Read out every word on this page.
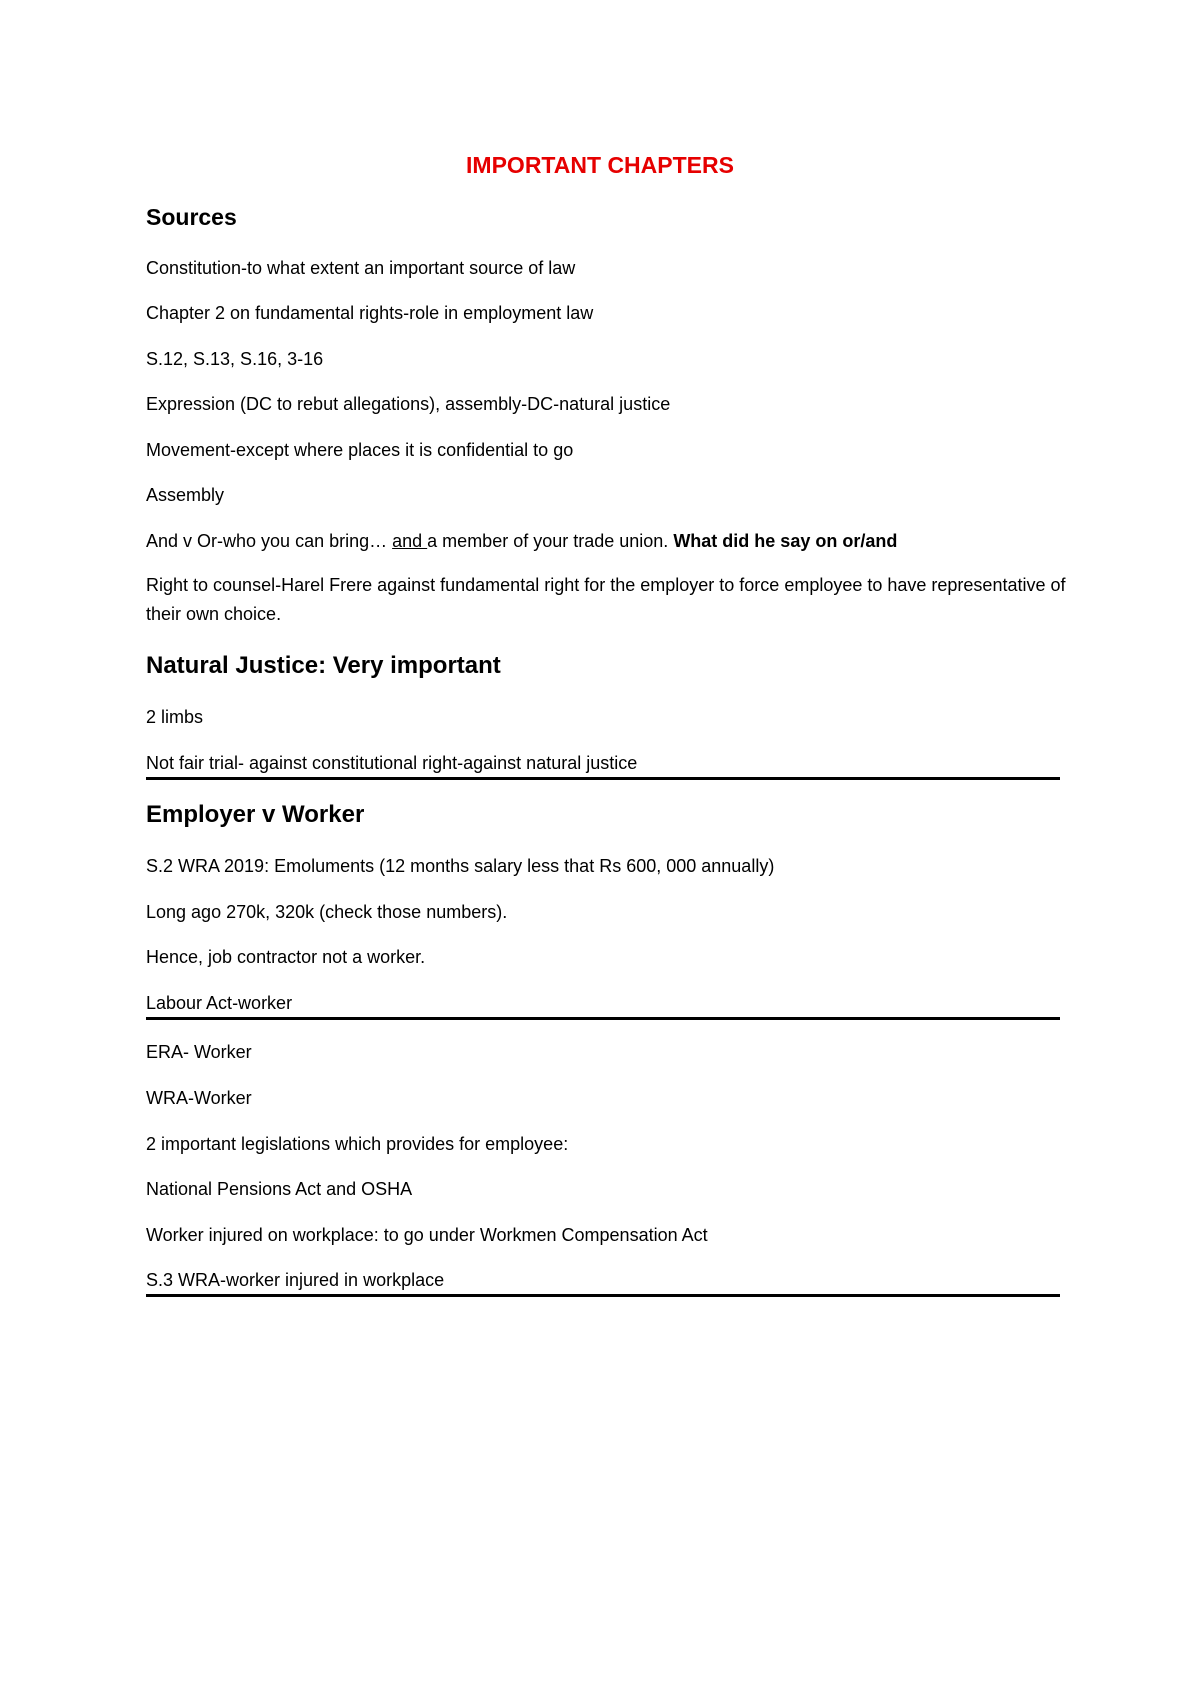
IMPORTANT CHAPTERS
Sources
Constitution-to what extent an important source of law
Chapter 2 on fundamental rights-role in employment law
S.12, S.13, S.16, 3-16
Expression (DC to rebut allegations), assembly-DC-natural justice
Movement-except where places it is confidential to go
Assembly
And v Or-who you can bring… and a member of your trade union. What did he say on or/and
Right to counsel-Harel Frere against fundamental right for the employer to force employee to have representative of their own choice.
Natural Justice: Very important
2 limbs
Not fair trial- against constitutional right-against natural justice
Employer v Worker
S.2 WRA 2019: Emoluments (12 months salary less that Rs 600, 000 annually)
Long ago 270k, 320k (check those numbers).
Hence, job contractor not a worker.
Labour Act-worker
ERA- Worker
WRA-Worker
2 important legislations which provides for employee:
National Pensions Act and OSHA
Worker injured on workplace: to go under Workmen Compensation Act
S.3 WRA-worker injured in workplace
